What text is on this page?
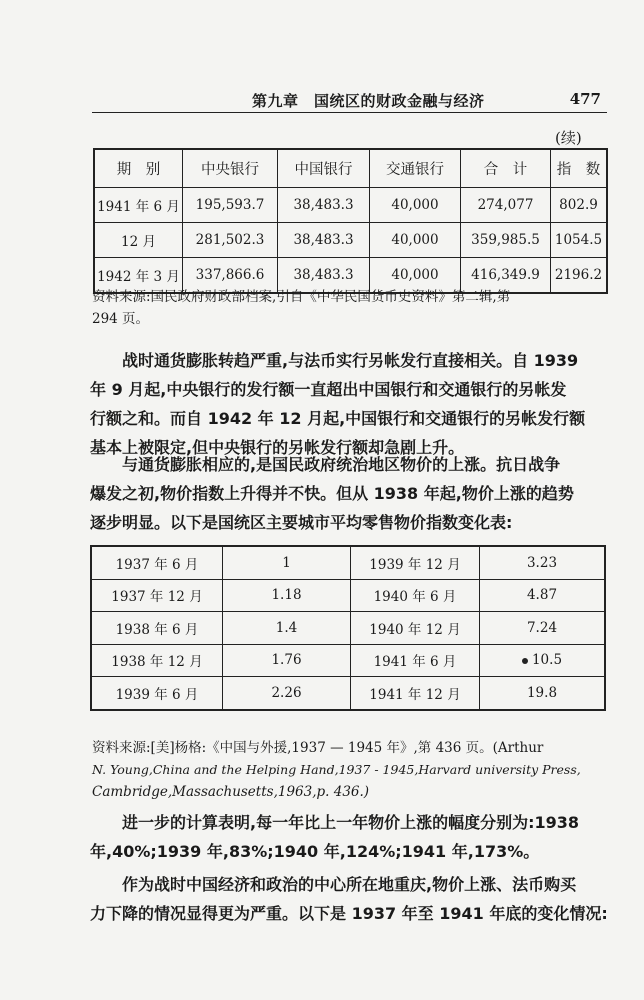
第九章　国统区的财政金融与经济	477
(续)
期　别	中央银行	中国银行	交通银行	合　计	指　数
1941 年 6 月	195,593.7	38,483.3	40,000	274,077	802.9
12 月	281,502.3	38,483.3	40,000	359,985.5	1054.5
1942 年 3 月	337,866.6	38,483.3	40,000	416,349.9	2196.2
资料来源:国民政府财政部档案,引自《中华民国货币史资料》第二辑,第
294 页。
　　战时通货膨胀转趋严重,与法币实行另帐发行直接相关。自 1939
年 9 月起,中央银行的发行额一直超出中国银行和交通银行的另帐发
行额之和。而自 1942 年 12 月起,中国银行和交通银行的另帐发行额
基本上被限定,但中央银行的另帐发行额却急剧上升。
　　与通货膨胀相应的,是国民政府统治地区物价的上涨。抗日战争
爆发之初,物价指数上升得并不快。但从 1938 年起,物价上涨的趋势
逐步明显。以下是国统区主要城市平均零售物价指数变化表:
1937 年 6 月	1	1939 年 12 月	3.23
1937 年 12 月	1.18	1940 年 6 月	4.87
1938 年 6 月	1.4	1940 年 12 月	7.24
1938 年 12 月	1.76	1941 年 6 月	10.5
1939 年 6 月	2.26	1941 年 12 月	19.8
资料来源:[美]杨格:《中国与外援,1937 — 1945 年》,第 436 页。(Arthur
N. Young,China and the Helping Hand,1937 - 1945,Harvard university Press,
Cambridge,Massachusetts,1963,p. 436.)
　　进一步的计算表明,每一年比上一年物价上涨的幅度分别为:1938
年,40%;1939 年,83%;1940 年,124%;1941 年,173%。
　　作为战时中国经济和政治的中心所在地重庆,物价上涨、法币购买
力下降的情况显得更为严重。以下是 1937 年至 1941 年底的变化情况:
